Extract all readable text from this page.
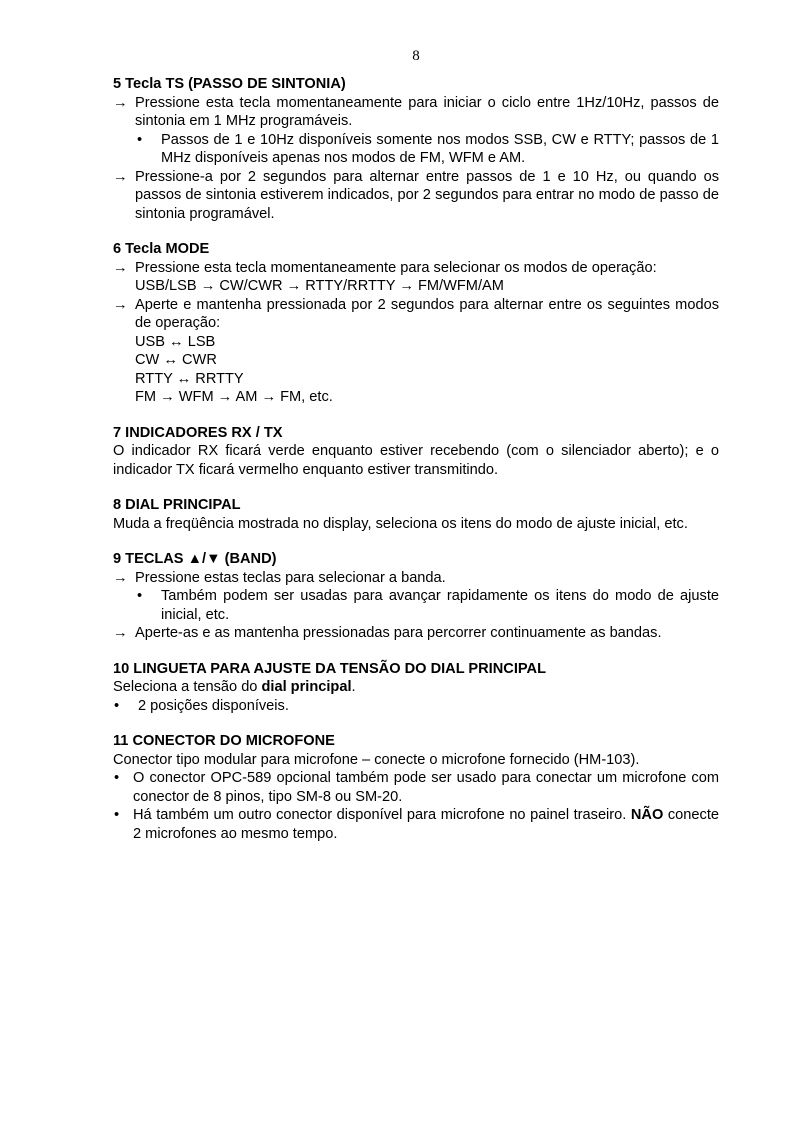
8
5 Tecla TS (PASSO DE SINTONIA)
→ Pressione esta tecla momentaneamente para iniciar o ciclo entre 1Hz/10Hz, passos de sintonia em 1 MHz programáveis.
• Passos de 1 e 10Hz disponíveis somente nos modos SSB, CW e RTTY; passos de 1 MHz disponíveis apenas nos modos de FM, WFM e AM.
→ Pressione-a por 2 segundos para alternar entre passos de 1 e 10 Hz, ou quando os passos de sintonia estiverem indicados, por 2 segundos para entrar no modo de passo de sintonia programável.
6 Tecla MODE
→ Pressione esta tecla momentaneamente para selecionar os modos de operação:
USB/LSB → CW/CWR → RTTY/RRTTY → FM/WFM/AM
→ Aperte e mantenha pressionada por 2 segundos para alternar entre os seguintes modos de operação:
USB ↔ LSB
CW ↔ CWR
RTTY ↔ RRTTY
FM → WFM → AM → FM, etc.
7 INDICADORES RX / TX
O indicador RX ficará verde enquanto estiver recebendo (com o silenciador aberto); e o indicador TX ficará vermelho enquanto estiver transmitindo.
8 DIAL PRINCIPAL
Muda a freqüência mostrada no display, seleciona os itens do modo de ajuste inicial, etc.
9 TECLAS ▲/▼ (BAND)
→ Pressione estas teclas para selecionar a banda.
• Também podem ser usadas para avançar rapidamente os itens do modo de ajuste inicial, etc.
→ Aperte-as e as mantenha pressionadas para percorrer continuamente as bandas.
10 LINGUETA PARA AJUSTE DA TENSÃO DO DIAL PRINCIPAL
Seleciona a tensão do dial principal.
• 2 posições disponíveis.
11 CONECTOR DO MICROFONE
Conector tipo modular para microfone – conecte o microfone fornecido (HM-103).
• O conector OPC-589 opcional também pode ser usado para conectar um microfone com conector de 8 pinos, tipo SM-8 ou SM-20.
• Há também um outro conector disponível para microfone no painel traseiro. NÃO conecte 2 microfones ao mesmo tempo.
